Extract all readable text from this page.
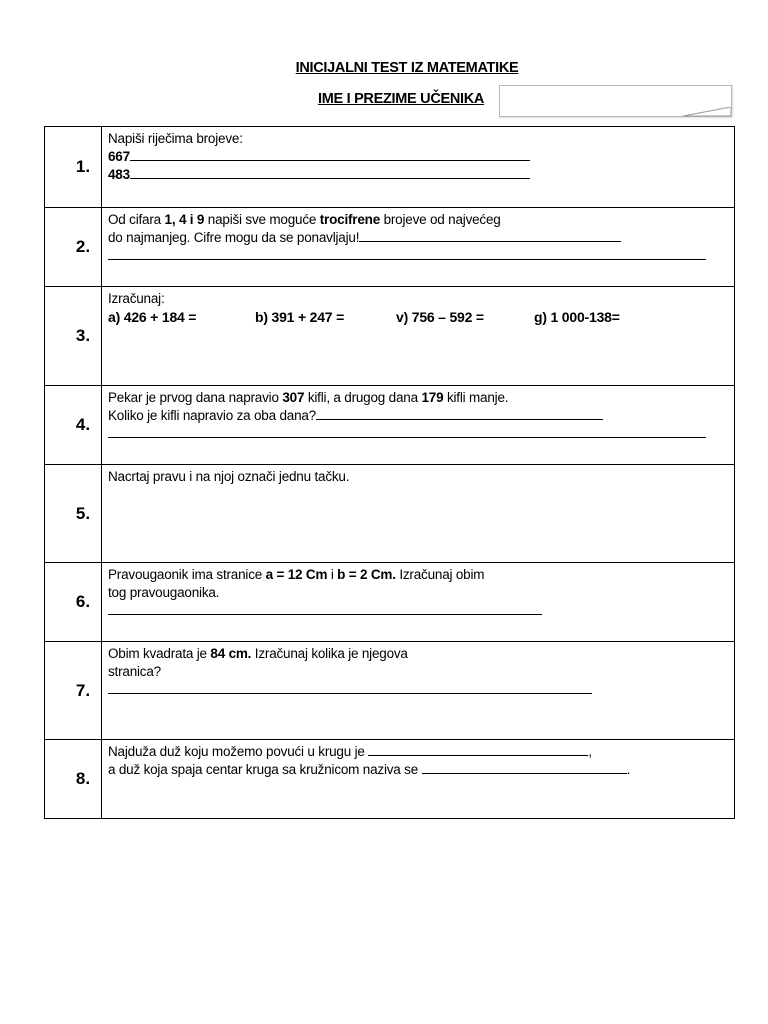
INICIJALNI TEST IZ MATEMATIKE
IME I PREZIME UČENIKA
1.	Napiši riječima brojeve:
667
483

2.	Od cifara 1, 4 i 9 napiši sve moguće trocifrene brojeve od najvećeg
do najmanjeg. Cifre mogu da se ponavljaju!

3.	Izračunaj:
a) 426 + 184 = b) 391 + 247 = v) 756 – 592 = g) 1 000-138=

4.	Pekar je prvog dana napravio 307 kifli, a drugog dana 179 kifli manje.
Koliko je kifli napravio za oba dana?

5.	Nacrtaj pravu i na njoj označi jednu tačku.

6.	Pravougaonik ima stranice a = 12 Cm i b = 2 Cm. Izračunaj obim
tog pravougaonika.

7.	Obim kvadrata je 84 cm. Izračunaj kolika je njegova
stranica?

8.	Najduža duž koju možemo povući u krugu je ,
a duž koja spaja centar kruga sa kružnicom naziva se .
